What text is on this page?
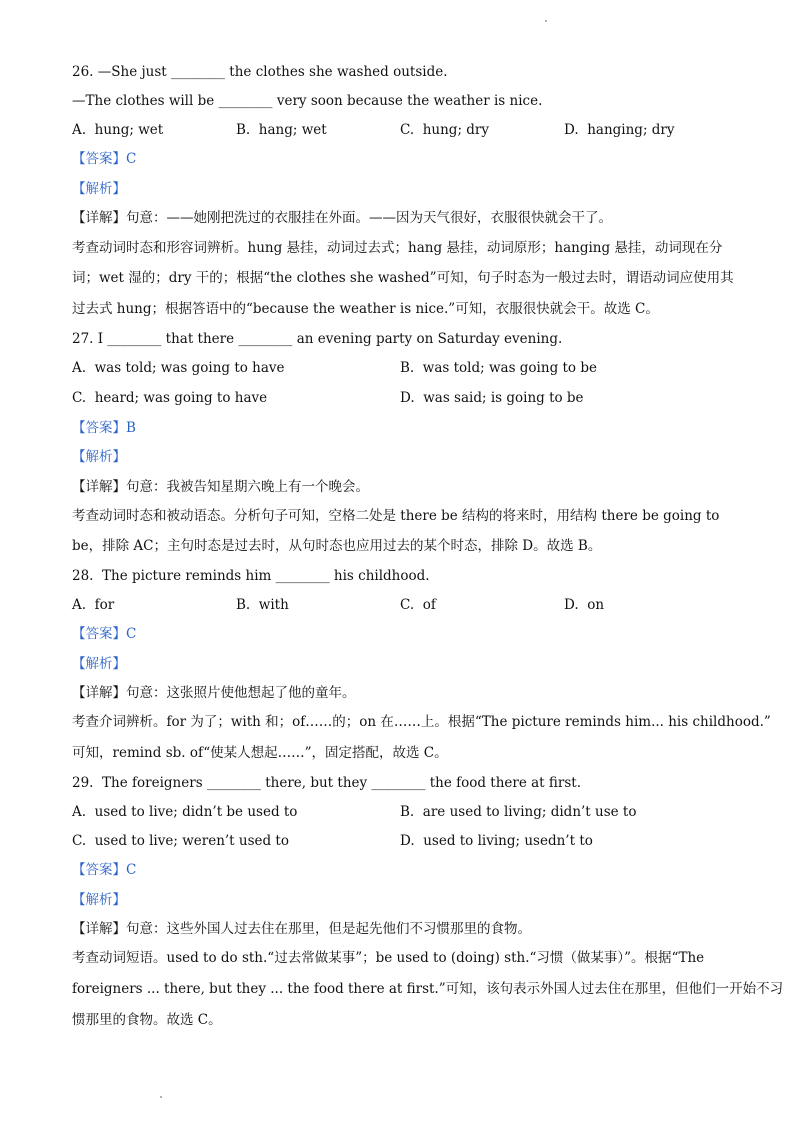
26. —She just ________ the clothes she washed outside.
—The clothes will be ________ very soon because the weather is nice.
A.  hung; wet	B.  hang; wet	C.  hung; dry	D.  hanging; dry
【答案】C
【解析】
【详解】句意：——她刚把洗过的衣服挂在外面。——因为天气很好，衣服很快就会干了。
考查动词时态和形容词辨析。hung 悬挂，动词过去式；hang 悬挂，动词原形；hanging 悬挂，动词现在分
词；wet 湿的；dry 干的；根据“the clothes she washed”可知，句子时态为一般过去时，谓语动词应使用其
过去式 hung；根据答语中的“because the weather is nice.”可知，衣服很快就会干。故选 C。
27. I ________ that there ________ an evening party on Saturday evening.
A.  was told; was going to have	B.  was told; was going to be
C.  heard; was going to have	D.  was said; is going to be
【答案】B
【解析】
【详解】句意：我被告知星期六晚上有一个晚会。
考查动词时态和被动语态。分析句子可知，空格二处是 there be 结构的将来时，用结构 there be going to
be，排除 AC；主句时态是过去时，从句时态也应用过去的某个时态，排除 D。故选 B。
28.  The picture reminds him ________ his childhood.
A.  for	B.  with	C.  of	D.  on
【答案】C
【解析】
【详解】句意：这张照片使他想起了他的童年。
考查介词辨析。for 为了；with 和；of……的；on 在……上。根据“The picture reminds him... his childhood.”
可知，remind sb. of“使某人想起……”，固定搭配，故选 C。
29.  The foreigners ________ there, but they ________ the food there at first.
A.  used to live; didn’t be used to	B.  are used to living; didn’t use to
C.  used to live; weren’t used to	D.  used to living; usedn’t to
【答案】C
【解析】
【详解】句意：这些外国人过去住在那里，但是起先他们不习惯那里的食物。
考查动词短语。used to do sth.“过去常做某事”；be used to (doing) sth.“习惯（做某事）”。根据“The
foreigners ... there, but they ... the food there at first.”可知，该句表示外国人过去住在那里，但他们一开始不习
惯那里的食物。故选 C。
